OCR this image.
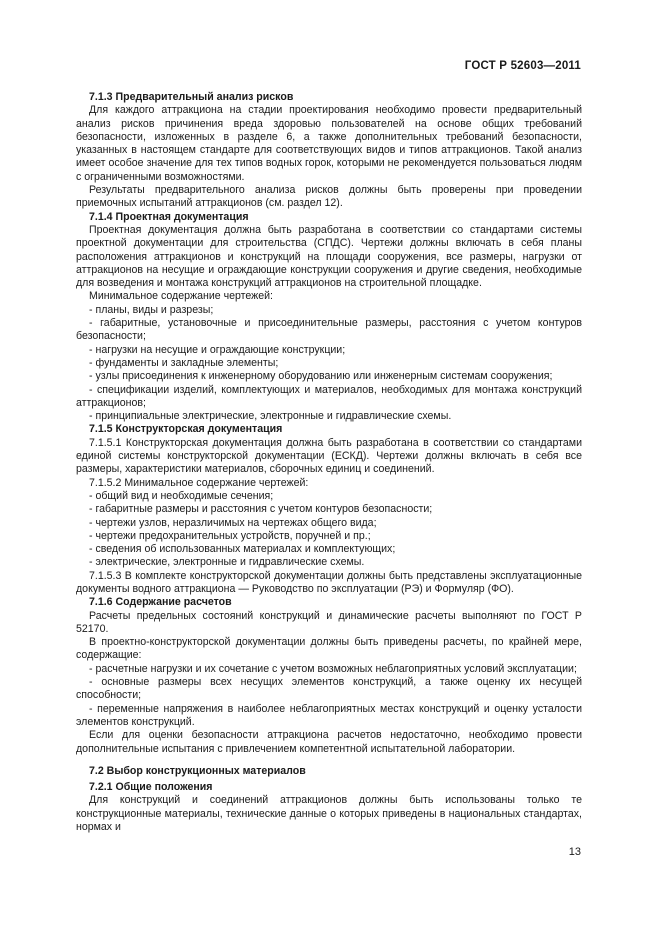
ГОСТ Р 52603—2011

7.1.3 Предварительный анализ рисков

Для каждого аттракциона на стадии проектирования необходимо провести предварительный анализ рисков причинения вреда здоровью пользователей на основе общих требований безопасности, изложенных в разделе 6, а также дополнительных требований безопасности, указанных в настоящем стандарте для соответствующих видов и типов аттракционов. Такой анализ имеет особое значение для тех типов водных горок, которыми не рекомендуется пользоваться людям с ограниченными возможностями.

Результаты предварительного анализа рисков должны быть проверены при проведении приемочных испытаний аттракционов (см. раздел 12).

7.1.4 Проектная документация

Проектная документация должна быть разработана в соответствии со стандартами системы проектной документации для строительства (СПДС). Чертежи должны включать в себя планы расположения аттракционов и конструкций на площади сооружения, все размеры, нагрузки от аттракционов на несущие и ограждающие конструкции сооружения и другие сведения, необходимые для возведения и монтажа конструкций аттракционов на строительной площадке.

Минимальное содержание чертежей:

- планы, виды и разрезы;

- габаритные, установочные и присоединительные размеры, расстояния с учетом контуров безопасности;

- нагрузки на несущие и ограждающие конструкции;

- фундаменты и закладные элементы;

- узлы присоединения к инженерному оборудованию или инженерным системам сооружения;

- спецификации изделий, комплектующих и материалов, необходимых для монтажа конструкций аттракционов;

- принципиальные электрические, электронные и гидравлические схемы.

7.1.5 Конструкторская документация

7.1.5.1 Конструкторская документация должна быть разработана в соответствии со стандартами единой системы конструкторской документации (ЕСКД). Чертежи должны включать в себя все размеры, характеристики материалов, сборочных единиц и соединений.

7.1.5.2 Минимальное содержание чертежей:

- общий вид и необходимые сечения;

- габаритные размеры и расстояния с учетом контуров безопасности;

- чертежи узлов, неразличимых на чертежах общего вида;

- чертежи предохранительных устройств, поручней и пр.;

- сведения об использованных материалах и комплектующих;

- электрические, электронные и гидравлические схемы.

7.1.5.3 В комплекте конструкторской документации должны быть представлены эксплуатационные документы водного аттракциона — Руководство по эксплуатации (РЭ) и Формуляр (ФО).

7.1.6 Содержание расчетов

Расчеты предельных состояний конструкций и динамические расчеты выполняют по ГОСТ Р 52170.

В проектно-конструкторской документации должны быть приведены расчеты, по крайней мере, содержащие:

- расчетные нагрузки и их сочетание с учетом возможных неблагоприятных условий эксплуатации;

- основные размеры всех несущих элементов конструкций, а также оценку их несущей способности;

- переменные напряжения в наиболее неблагоприятных местах конструкций и оценку усталости элементов конструкций.

Если для оценки безопасности аттракциона расчетов недостаточно, необходимо провести дополнительные испытания с привлечением компетентной испытательной лаборатории.

7.2 Выбор конструкционных материалов

7.2.1 Общие положения

Для конструкций и соединений аттракционов должны быть использованы только те конструкционные материалы, технические данные о которых приведены в национальных стандартах, нормах и

13
